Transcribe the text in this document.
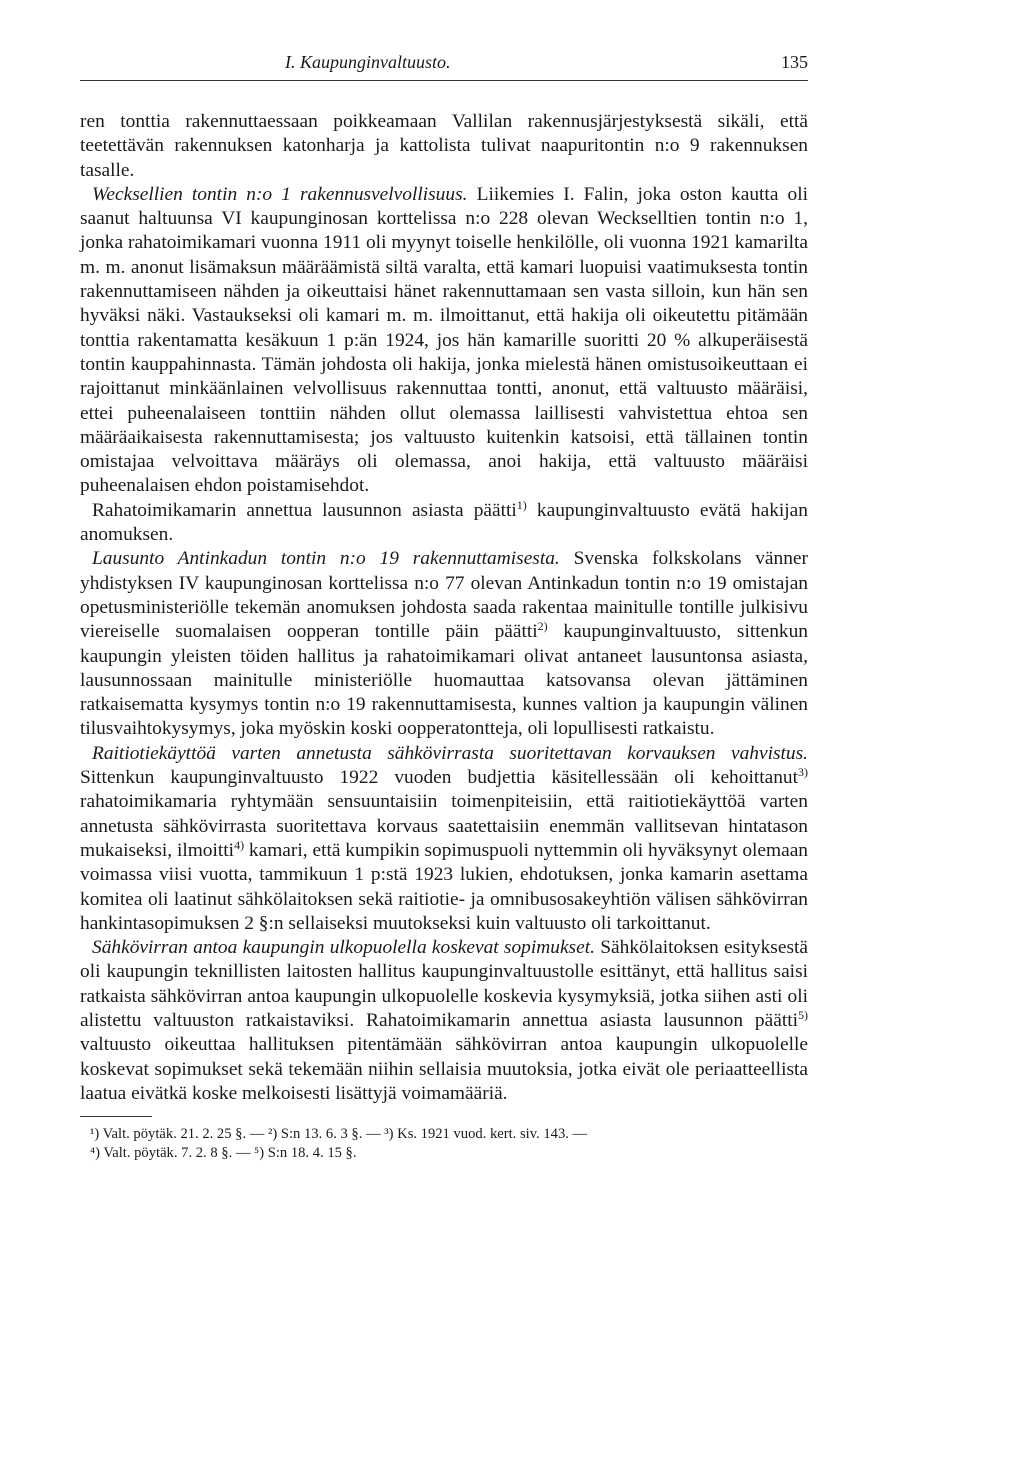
I. Kaupunginvaltuusto.	135

ren tonttia rakennuttaessaan poikkeamaan Vallilan rakennusjärjestyksestä sikäli, että teetettävän rakennuksen katonharja ja kattolista tulivat naapuritontin n:o 9 rakennuksen tasalle.

Wecksellien tontin n:o 1 rakennusvelvollisuus. Liikemies I. Falin, joka oston kautta oli saanut haltuunsa VI kaupunginosan korttelissa n:o 228 olevan Weckselltien tontin n:o 1, jonka rahatoimikamari vuonna 1911 oli myynyt toiselle henkilölle, oli vuonna 1921 kamarilta m. m. anonut lisämaksun määräämistä siltä varalta, että kamari luopuisi vaatimuksesta tontin rakennuttamiseen nähden ja oikeuttaisi hänet rakennuttamaan sen vasta silloin, kun hän sen hyväksi näki. Vastaukseksi oli kamari m. m. ilmoittanut, että hakija oli oikeutettu pitämään tonttia rakentamatta kesäkuun 1 p:än 1924, jos hän kamarille suoritti 20 % alkuperäisestä tontin kauppahinnasta. Tämän johdosta oli hakija, jonka mielestä hänen omistusoikeuttaan ei rajoittanut minkäänlainen velvollisuus rakennuttaa tontti, anonut, että valtuusto määräisi, ettei puheenalaiseen tonttiin nähden ollut olemassa laillisesti vahvistettua ehtoa sen määräaikaisesta rakennuttamisesta; jos valtuusto kuitenkin katsoisi, että tällainen tontin omistajaa velvoittava määräys oli olemassa, anoi hakija, että valtuusto määräisi puheenalaisen ehdon poistamisehdot.

Rahatoimikamarin annettua lausunnon asiasta päätti$^{1)}$ kaupunginvaltuusto evätä hakijan anomuksen.

Lausunto Antinkadun tontin n:o 19 rakennuttamisesta. Svenska folkskolans vänner yhdistyksen IV kaupunginosan korttelissa n:o 77 olevan Antinkadun tontin n:o 19 omistajan opetusministeriölle tekemän anomuksen johdosta saada rakentaa mainitulle tontille julkisivu viereiselle suomalaisen oopperan tontille päin päätti$^{2)}$ kaupunginvaltuusto, sittenkun kaupungin yleisten töiden hallitus ja rahatoimikamari olivat antaneet lausuntonsa asiasta, lausunnossaan mainitulle ministeriölle huomauttaa katsovansa olevan jättäminen ratkaisematta kysymys tontin n:o 19 rakennuttamisesta, kunnes valtion ja kaupungin välinen tilusvaihtokysymys, joka myöskin koski oopperatontteja, oli lopullisesti ratkaistu.

Raitiotiekäyttöä varten annetusta sähkövirrasta suoritettavan korvauksen vahvistus. Sittenkun kaupunginvaltuusto 1922 vuoden budjettia käsitellessään oli kehoittanut$^{3)}$ rahatoimikamaria ryhtymään sensuuntaisiin toimenpiteisiin, että raitiotiekäyttöä varten annetusta sähkövirrasta suoritettava korvaus saatettaisiin enemmän vallitsevan hintatason mukaiseksi, ilmoitti$^{4)}$ kamari, että kumpikin sopimuspuoli nyttemmin oli hyväksynyt olemaan voimassa viisi vuotta, tammikuun 1 p:stä 1923 lukien, ehdotuksen, jonka kamarin asettama komitea oli laatinut sähkölaitoksen sekä raitiotie- ja omnibusosakeyhtiön välisen sähkövirran hankintasopimuksen 2 §:n sellaiseksi muutokseksi kuin valtuusto oli tarkoittanut.

Sähkövirran antoa kaupungin ulkopuolella koskevat sopimukset. Sähkölaitoksen esityksestä oli kaupungin teknillisten laitosten hallitus kaupunginvaltuustolle esittänyt, että hallitus saisi ratkaista sähkövirran antoa kaupungin ulkopuolelle koskevia kysymyksiä, jotka siihen asti oli alistettu valtuuston ratkaistaviksi. Rahatoimikamarin annettua asiasta lausunnon päätti$^{5)}$ valtuusto oikeuttaa hallituksen pitentämään sähkövirran antoa kaupungin ulkopuolelle koskevat sopimukset sekä tekemään niihin sellaisia muutoksia, jotka eivät ole periaatteellista laatua eivätkä koske melkoisesti lisättyjä voimamääriä.

¹) Valt. pöytäk. 21. 2. 25 §. — ²) S:n 13. 6. 3 §. — ³) Ks. 1921 vuod. kert. siv. 143. —

⁴) Valt. pöytäk. 7. 2. 8 §. — ⁵) S:n 18. 4. 15 §.
